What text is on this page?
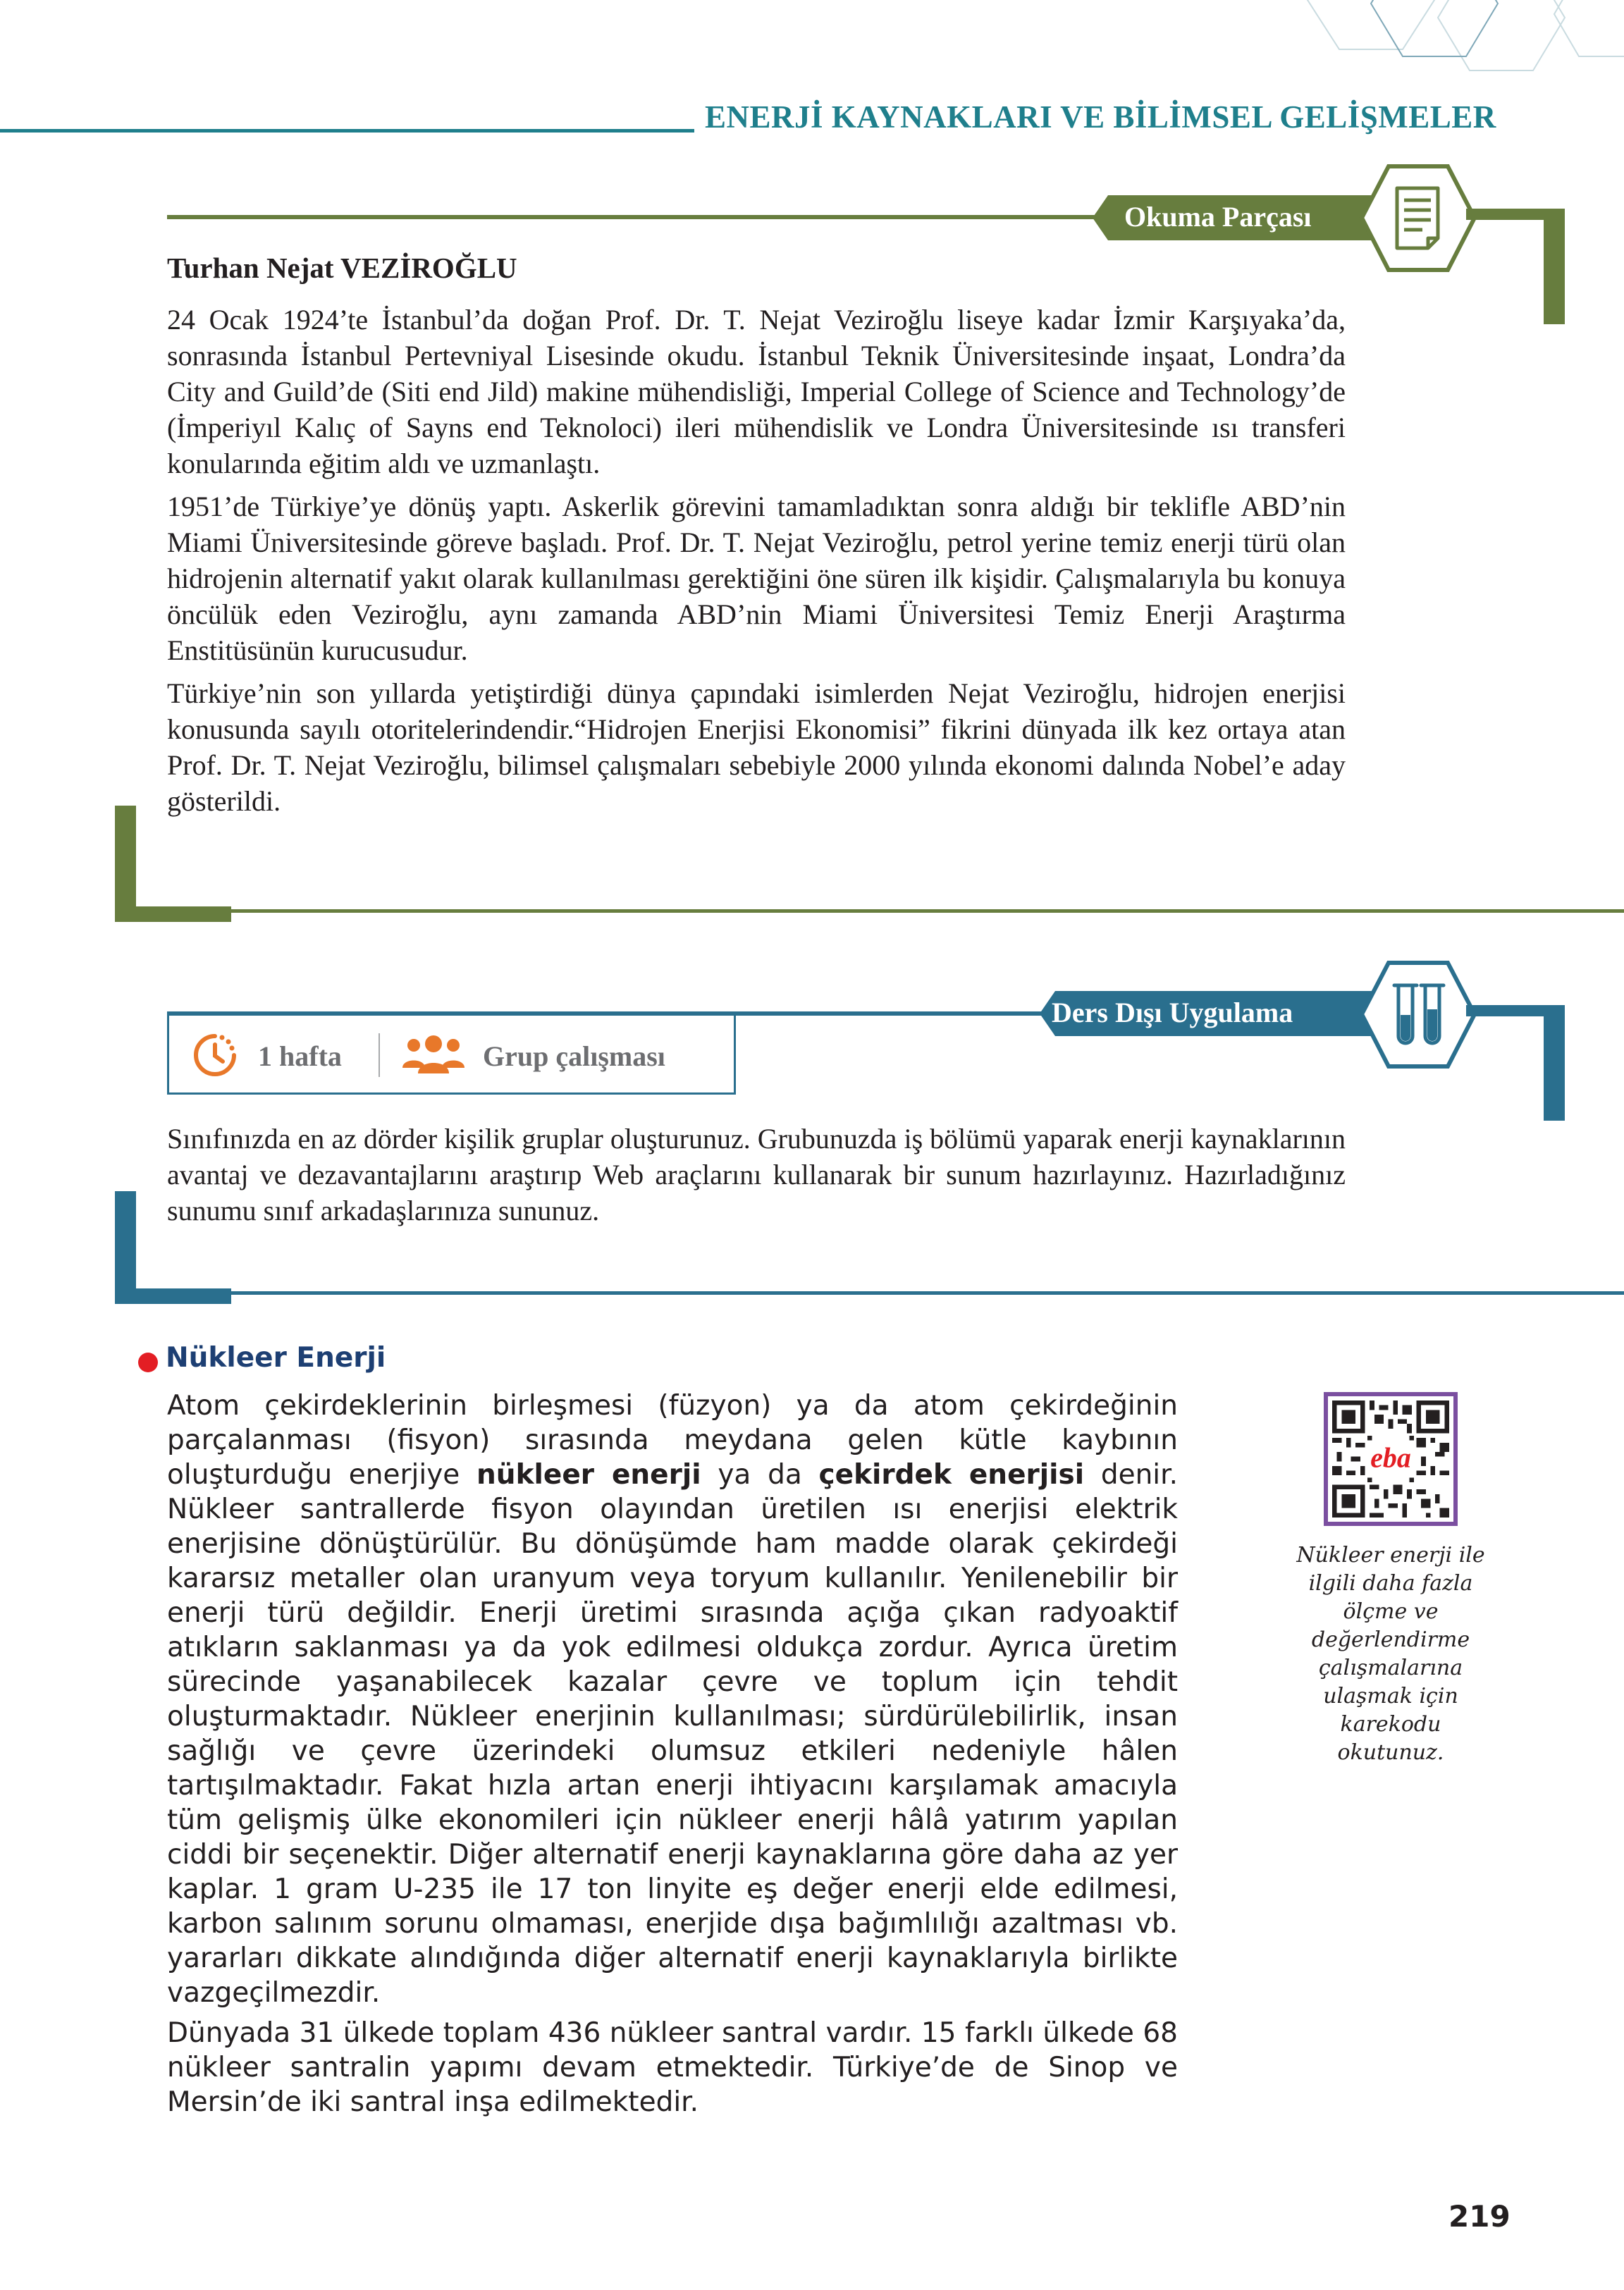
ENERJİ KAYNAKLARI VE BİLİMSEL GELİŞMELER
Okuma Parçası
Turhan Nejat VEZİROĞLU

24 Ocak 1924’te İstanbul’da doğan Prof. Dr. T. Nejat Veziroğlu liseye kadar İzmir Karşıyaka’da, sonrasında İstanbul Pertevniyal Lisesinde okudu. İstanbul Teknik Üniversitesinde inşaat, Londra’da City and Guild’de (Siti end Jild) makine mühendisliği, Imperial College of Science and Technology’de (İmperiyıl Kalıç of Sayns end Teknoloci) ileri mühendislik ve Londra Üniversitesinde ısı transferi konularında eğitim aldı ve uzmanlaştı.

1951’de Türkiye’ye dönüş yaptı. Askerlik görevini tamamladıktan sonra aldığı bir teklifle ABD’nin Miami Üniversitesinde göreve başladı. Prof. Dr. T. Nejat Veziroğlu, petrol yerine temiz enerji türü olan hidrojenin alternatif yakıt olarak kullanılması gerektiğini öne süren ilk kişidir. Çalışmalarıyla bu konuya öncülük eden Veziroğlu, aynı zamanda ABD’nin Miami Üniversitesi Temiz Enerji Araştırma Enstitüsünün kurucusudur.

Türkiye’nin son yıllarda yetiştirdiği dünya çapındaki isimlerden Nejat Veziroğlu, hidrojen enerjisi konusunda sayılı otoritelerindendir.“Hidrojen Enerjisi Ekonomisi” fikrini dünyada ilk kez ortaya atan Prof. Dr. T. Nejat Veziroğlu, bilimsel çalışmaları sebebiyle 2000 yılında ekonomi dalında Nobel’e aday gösterildi.

Ders Dışı Uygulama
1 hafta	Grup çalışması
Sınıfınızda en az dörder kişilik gruplar oluşturunuz. Grubunuzda iş bölümü yaparak enerji kaynaklarının avantaj ve dezavantajlarını araştırıp Web araçlarını kullanarak bir sunum hazırlayınız. Hazırladığınız sunumu sınıf arkadaşlarınıza sununuz.
Nükleer Enerji

Atom çekirdeklerinin birleşmesi (füzyon) ya da atom çekirdeğinin parçalanması (fisyon) sırasında meydana gelen kütle kaybının oluşturduğu enerjiye nükleer enerji ya da çekirdek enerjisi denir. Nükleer santrallerde fisyon olayından üretilen ısı enerjisi elektrik enerjisine dönüştürülür. Bu dönüşümde ham madde olarak çekirdeği kararsız metaller olan uranyum veya toryum kullanılır. Yenilenebilir bir enerji türü değildir. Enerji üretimi sırasında açığa çıkan radyoaktif atıkların saklanması ya da yok edilmesi oldukça zordur. Ayrıca üretim sürecinde yaşanabilecek kazalar çevre ve toplum için tehdit oluşturmaktadır. Nükleer enerjinin kullanılması; sürdürülebilirlik, insan sağlığı ve çevre üzerindeki olumsuz etkileri nedeniyle hâlen tartışılmaktadır. Fakat hızla artan enerji ihtiyacını karşılamak amacıyla tüm gelişmiş ülke ekonomileri için nükleer enerji hâlâ yatırım yapılan ciddi bir seçenektir. Diğer alternatif enerji kaynaklarına göre daha az yer kaplar. 1 gram U-235 ile 17 ton linyite eş değer enerji elde edilmesi, karbon salınım sorunu olmaması, enerjide dışa bağımlılığı azaltması vb. yararları dikkate alındığında diğer alternatif enerji kaynaklarıyla birlikte vazgeçilmezdir.

Dünyada 31 ülkede toplam 436 nükleer santral vardır. 15 farklı ülkede 68 nükleer santralin yapımı devam etmektedir. Türkiye’de de Sinop ve Mersin’de iki santral inşa edilmektedir.

eba
Nükleer enerji ile ilgili daha fazla ölçme ve değerlendirme çalışmalarına ulaşmak için karekodu okutunuz.
219
